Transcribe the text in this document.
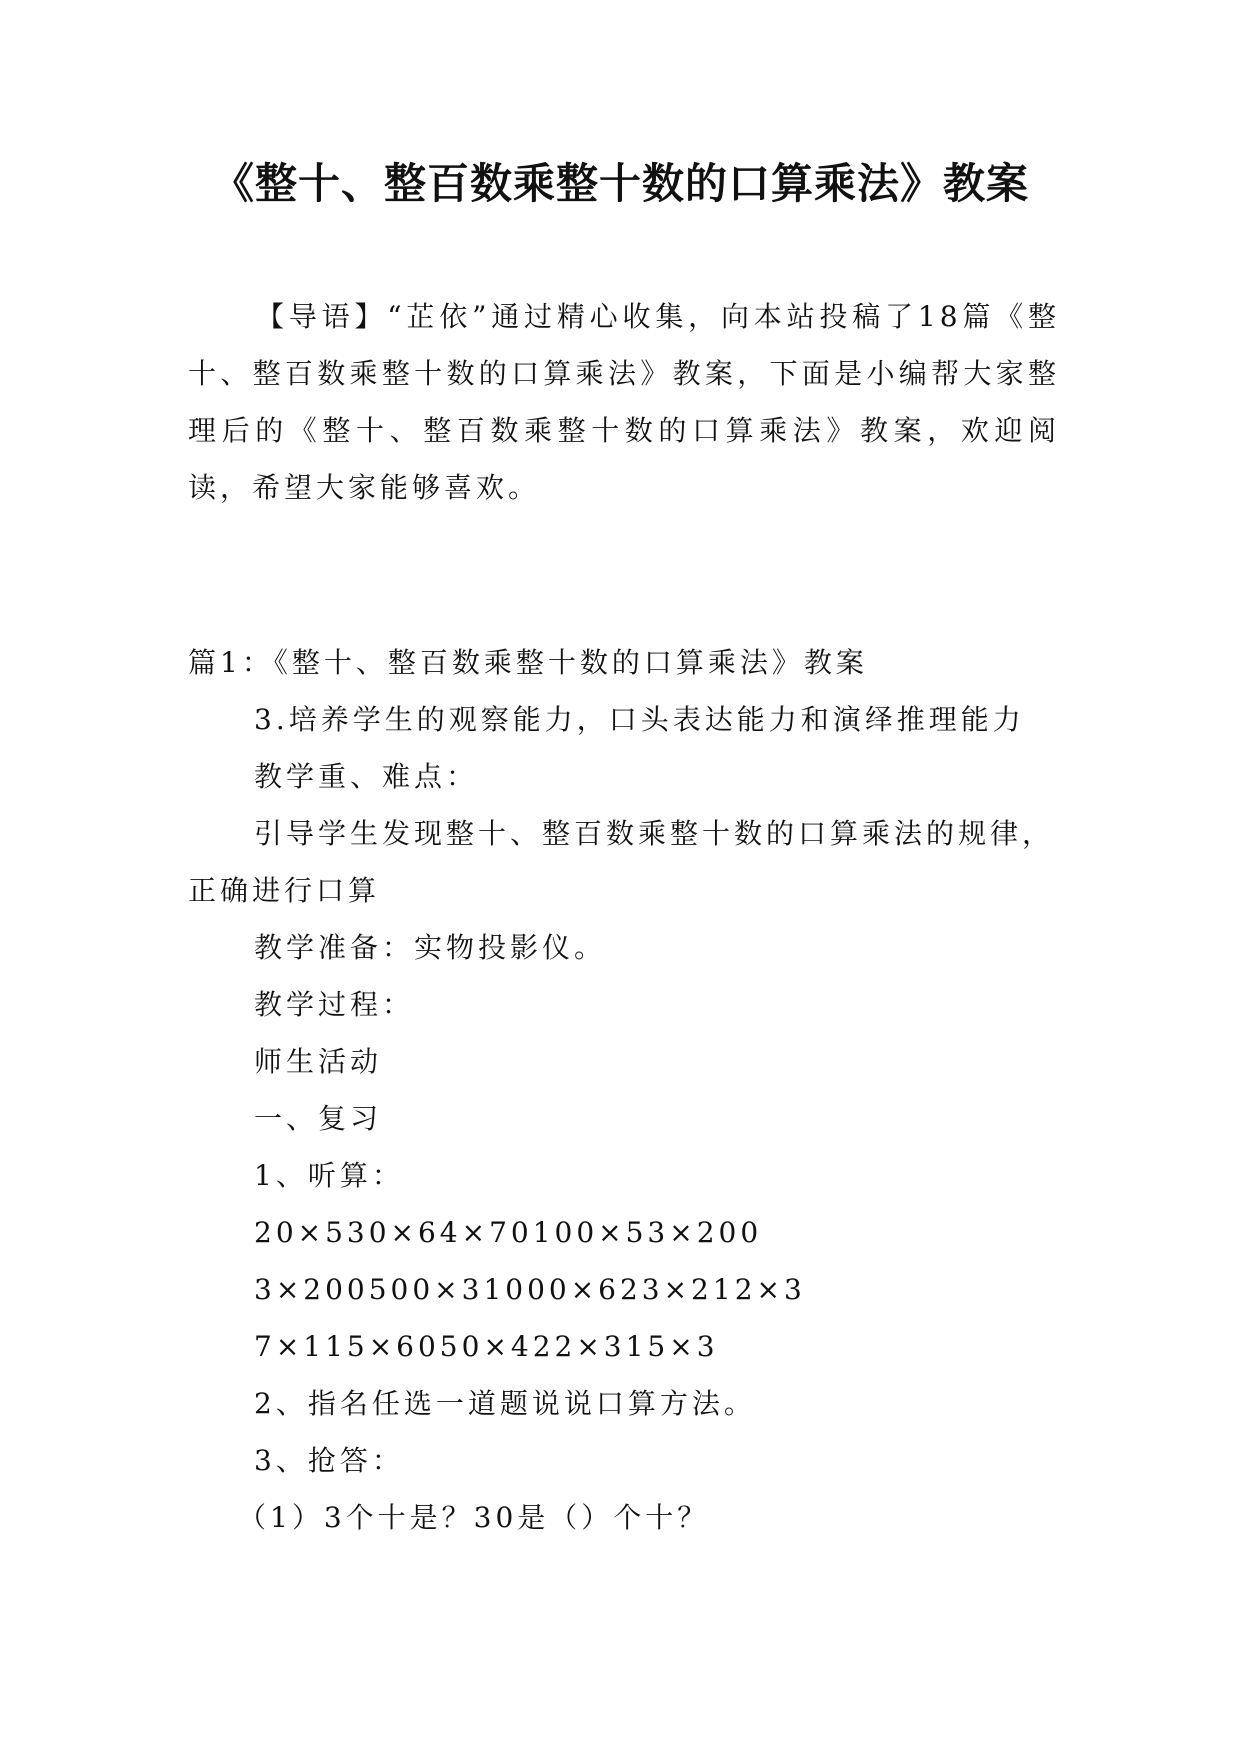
《整十、整百数乘整十数的口算乘法》教案

【导语】“芷依”通过精心收集，向本站投稿了18篇《整十、整百数乘整十数的口算乘法》教案，下面是小编帮大家整理后的《整十、整百数乘整十数的口算乘法》教案，欢迎阅读，希望大家能够喜欢。

篇1：《整十、整百数乘整十数的口算乘法》教案

3.培养学生的观察能力，口头表达能力和演绎推理能力

教学重、难点：

引导学生发现整十、整百数乘整十数的口算乘法的规律，正确进行口算

教学准备：实物投影仪。

教学过程：

师生活动

一、复习

1、听算：

20×530×64×70100×53×200

3×200500×31000×623×212×3

7×115×6050×422×315×3

2、指名任选一道题说说口算方法。

3、抢答：

（1）3个十是？30是（）个十？
